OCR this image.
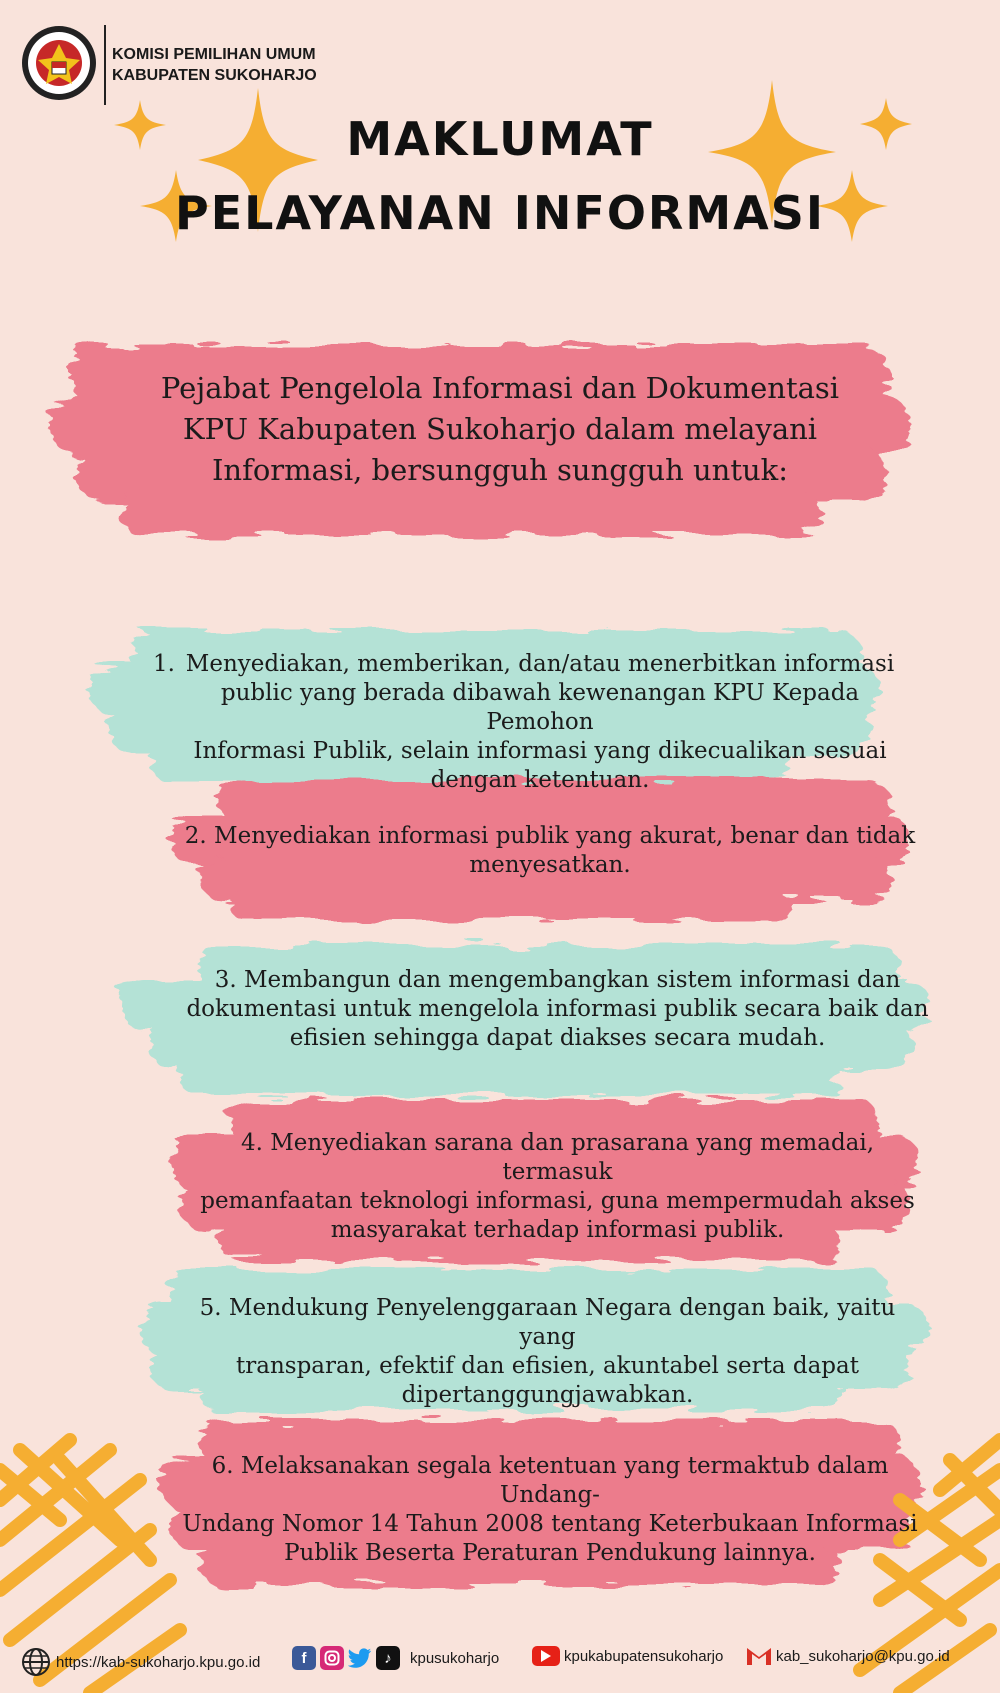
KOMISI PEMILIHAN UMUM
KABUPATEN SUKOHARJO
MAKLUMAT
PELAYANAN INFORMASI
Pejabat Pengelola Informasi dan Dokumentasi
KPU Kabupaten Sukoharjo dalam melayani
Informasi, bersungguh sungguh untuk:
1. Menyediakan, memberikan, dan/atau menerbitkan informasi
public yang berada dibawah kewenangan KPU Kepada Pemohon
Informasi Publik, selain informasi yang dikecualikan sesuai
dengan ketentuan.
2. Menyediakan informasi publik yang akurat, benar dan tidak
menyesatkan.
3. Membangun dan mengembangkan sistem informasi dan
dokumentasi untuk mengelola informasi publik secara baik dan
efisien sehingga dapat diakses secara mudah.
4. Menyediakan sarana dan prasarana yang memadai, termasuk
pemanfaatan teknologi informasi, guna mempermudah akses
masyarakat terhadap informasi publik.
5. Mendukung Penyelenggaraan Negara dengan baik, yaitu yang
transparan, efektif dan efisien, akuntabel serta dapat
dipertanggungjawabkan.
6. Melaksanakan segala ketentuan yang termaktub dalam Undang-
Undang Nomor 14 Tahun 2008 tentang Keterbukaan Informasi
Publik Beserta Peraturan Pendukung lainnya.
https://kab-sukoharjo.kpu.go.id	f	♪	kpusukoharjo	kpukabupatensukoharjo	kab_sukoharjo@kpu.go.id
